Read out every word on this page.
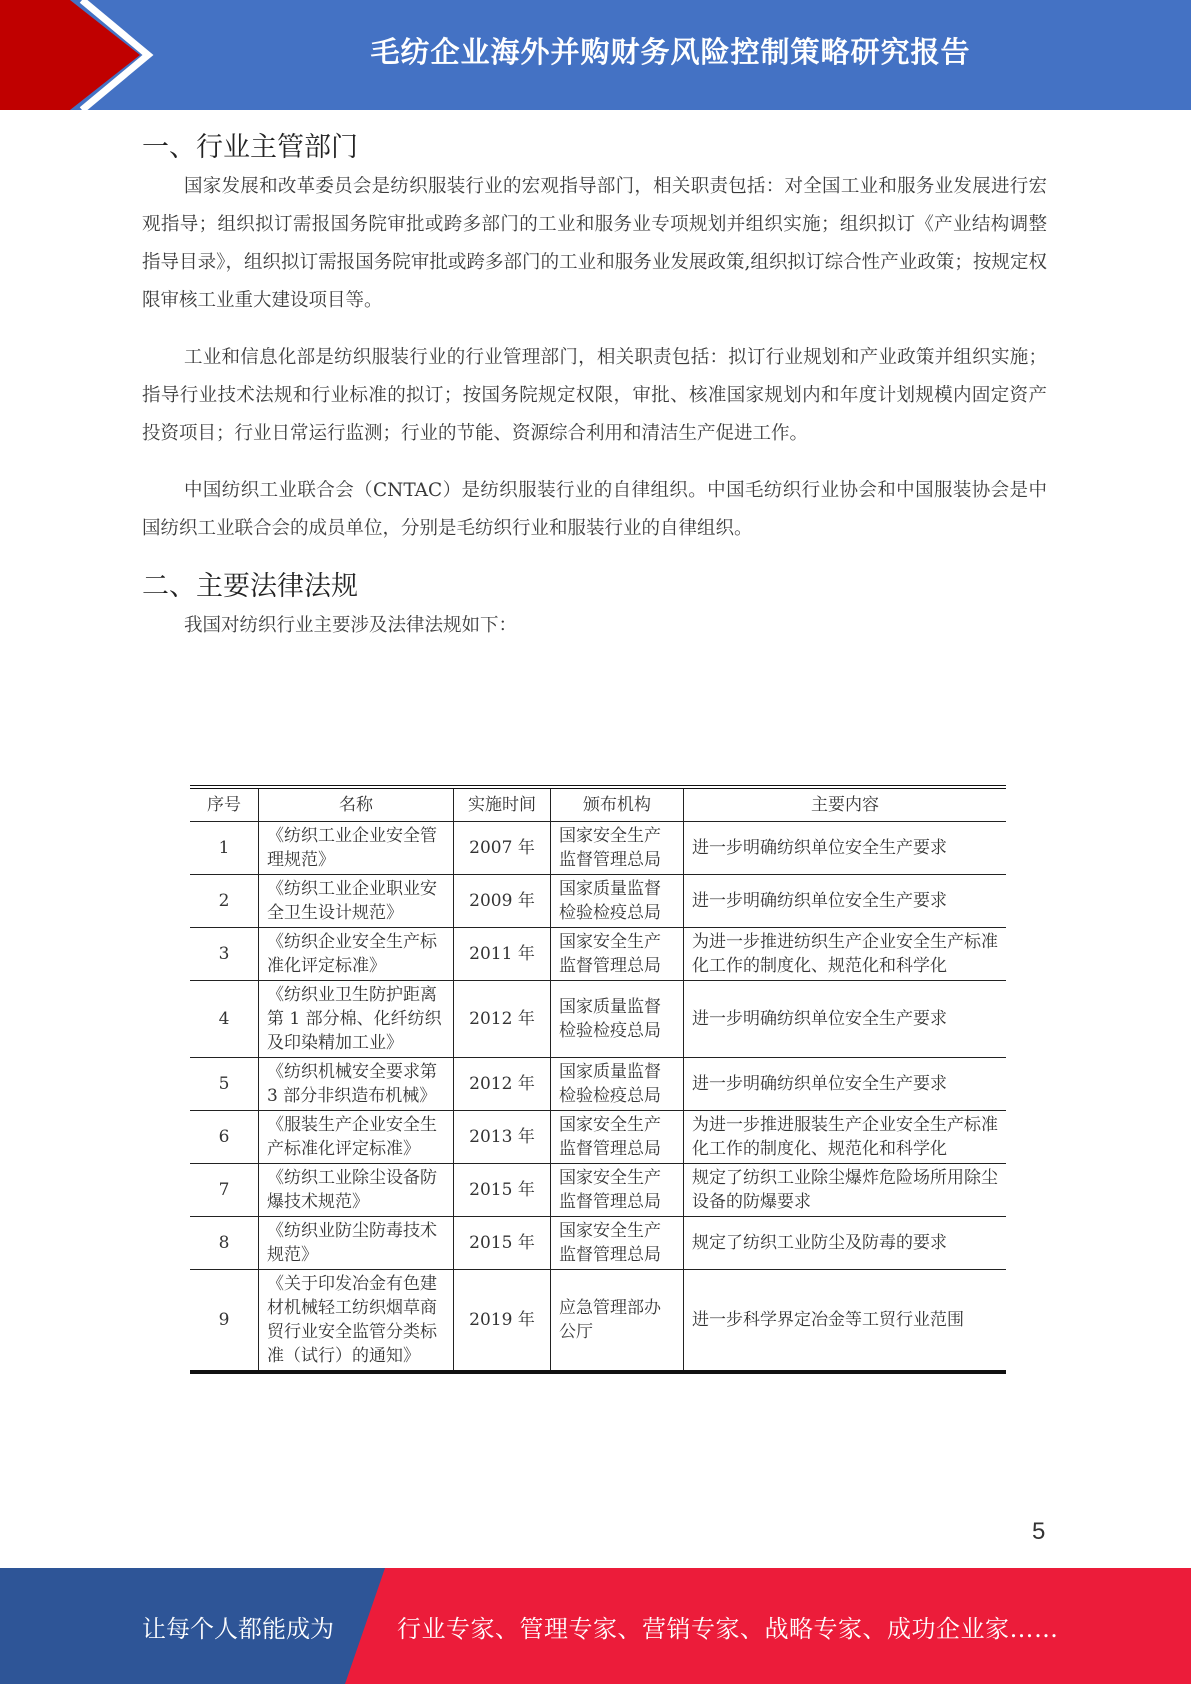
毛纺企业海外并购财务风险控制策略研究报告
一、行业主管部门

国家发展和改革委员会是纺织服装行业的宏观指导部门，相关职责包括：对全国工业和服务业发展进行宏观指导；组织拟订需报国务院审批或跨多部门的工业和服务业专项规划并组织实施；组织拟订《产业结构调整指导目录》，组织拟订需报国务院审批或跨多部门的工业和服务业发展政策,组织拟订综合性产业政策；按规定权限审核工业重大建设项目等。

工业和信息化部是纺织服装行业的行业管理部门，相关职责包括：拟订行业规划和产业政策并组织实施；指导行业技术法规和行业标准的拟订；按国务院规定权限，审批、核准国家规划内和年度计划规模内固定资产投资项目；行业日常运行监测；行业的节能、资源综合利用和清洁生产促进工作。

中国纺织工业联合会（CNTAC）是纺织服装行业的自律组织。中国毛纺织行业协会和中国服装协会是中国纺织工业联合会的成员单位，分别是毛纺织行业和服装行业的自律组织。

二、主要法律法规

我国对纺织行业主要涉及法律法规如下：

序号	名称	实施时间	颁布机构	主要内容
1	《纺织工业企业安全管理规范》	2007 年	国家安全生产监督管理总局	进一步明确纺织单位安全生产要求
2	《纺织工业企业职业安全卫生设计规范》	2009 年	国家质量监督检验检疫总局	进一步明确纺织单位安全生产要求
3	《纺织企业安全生产标准化评定标准》	2011 年	国家安全生产监督管理总局	为进一步推进纺织生产企业安全生产标准化工作的制度化、规范化和科学化
4	《纺织业卫生防护距离第 1 部分棉、化纤纺织及印染精加工业》	2012 年	国家质量监督检验检疫总局	进一步明确纺织单位安全生产要求
5	《纺织机械安全要求第 3 部分非织造布机械》	2012 年	国家质量监督检验检疫总局	进一步明确纺织单位安全生产要求
6	《服装生产企业安全生产标准化评定标准》	2013 年	国家安全生产监督管理总局	为进一步推进服装生产企业安全生产标准化工作的制度化、规范化和科学化
7	《纺织工业除尘设备防爆技术规范》	2015 年	国家安全生产监督管理总局	规定了纺织工业除尘爆炸危险场所用除尘设备的防爆要求
8	《纺织业防尘防毒技术规范》	2015 年	国家安全生产监督管理总局	规定了纺织工业防尘及防毒的要求
9	《关于印发冶金有色建材机械轻工纺织烟草商贸行业安全监管分类标准（试行）的通知》	2019 年	应急管理部办公厅	进一步科学界定冶金等工贸行业范围
5
让每个人都能成为	行业专家、管理专家、营销专家、战略专家、成功企业家……
